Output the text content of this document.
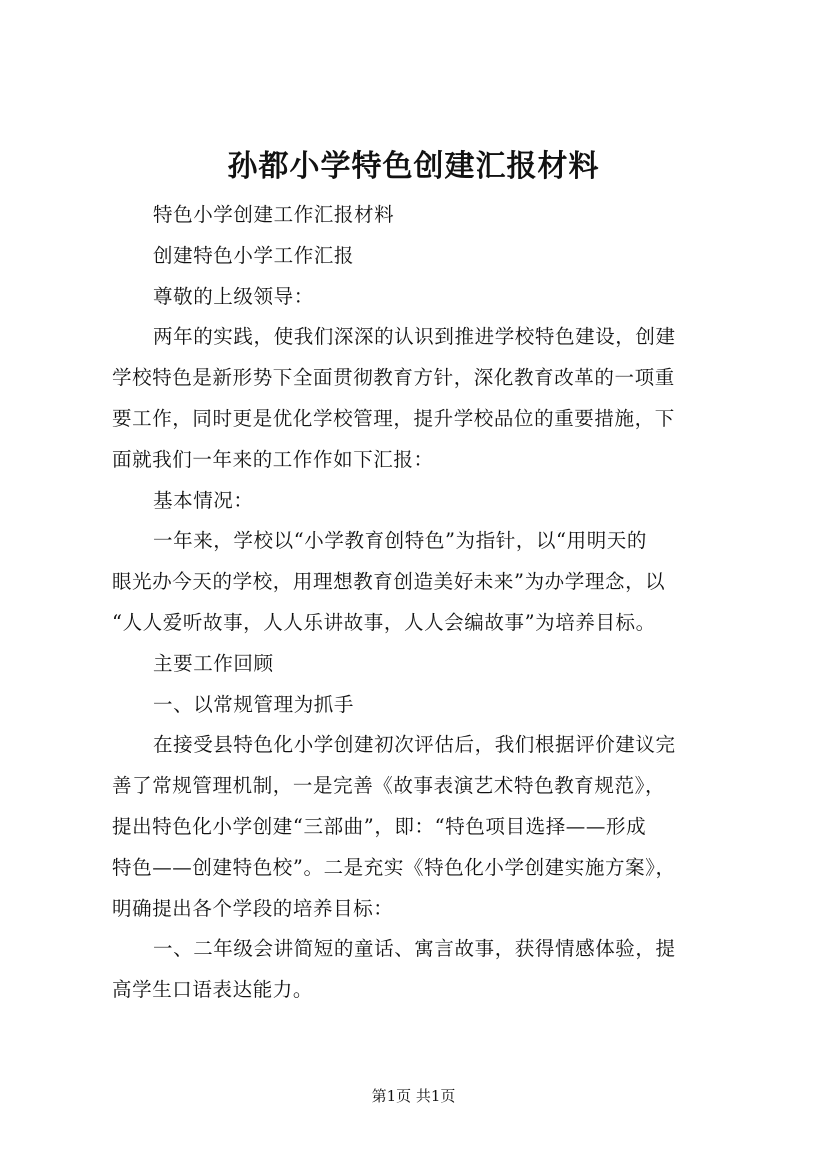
孙都小学特色创建汇报材料

特色小学创建工作汇报材料

创建特色小学工作汇报

尊敬的上级领导：

两年的实践，使我们深深的认识到推进学校特色建设，创建
学校特色是新形势下全面贯彻教育方针，深化教育改革的一项重
要工作，同时更是优化学校管理，提升学校品位的重要措施，下
面就我们一年来的工作作如下汇报：

基本情况：

一年来，学校以“小学教育创特色”为指针，以“用明天的
眼光办今天的学校，用理想教育创造美好未来”为办学理念，以
“人人爱听故事，人人乐讲故事，人人会编故事”为培养目标。

主要工作回顾

一、以常规管理为抓手

在接受县特色化小学创建初次评估后，我们根据评价建议完
善了常规管理机制，一是完善《故事表演艺术特色教育规范》，
提出特色化小学创建“三部曲”，即：“特色项目选择——形成
特色——创建特色校”。二是充实《特色化小学创建实施方案》，
明确提出各个学段的培养目标：

一、二年级会讲简短的童话、寓言故事，获得情感体验，提
高学生口语表达能力。

第1页 共1页
